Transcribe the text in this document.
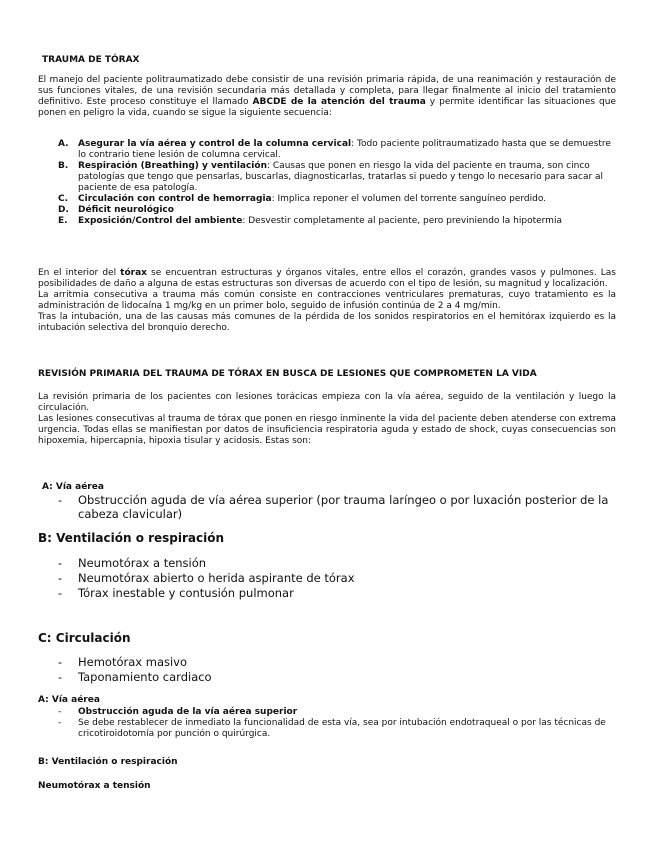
TRAUMA DE TÓRAX
El manejo del paciente politraumatizado debe consistir de una revisión primaria rápida, de una reanimación y restauración de sus funciones vitales, de una revisión secundaria más detallada y completa, para llegar finalmente al inicio del tratamiento definitivo. Este proceso constituye el llamado ABCDE de la atención del trauma y permite identificar las situaciones que ponen en peligro la vida, cuando se sigue la siguiente secuencia:
A. Asegurar la vía aérea y control de la columna cervical: Todo paciente politraumatizado hasta que se demuestre lo contrario tiene lesión de columna cervical.
B. Respiración (Breathing) y ventilación: Causas que ponen en riesgo la vida del paciente en trauma, son cinco patologías que tengo que pensarlas, buscarlas, diagnosticarlas, tratarlas si puedo y tengo lo necesario para sacar al paciente de esa patología.
C. Circulación con control de hemorragia: Implica reponer el volumen del torrente sanguíneo perdido.
D. Déficit neurológico
E. Exposición/Control del ambiente: Desvestir completamente al paciente, pero previniendo la hipotermia

En el interior del tórax se encuentran estructuras y órganos vitales, entre ellos el corazón, grandes vasos y pulmones. Las posibilidades de daño a alguna de estas estructuras son diversas de acuerdo con el tipo de lesión, su magnitud y localización.

La arritmia consecutiva a trauma más común consiste en contracciones ventriculares prematuras, cuyo tratamiento es la administración de lidocaína 1 mg/kg en un primer bolo, seguido de infusión continúa de 2 a 4 mg/min.

Tras la intubación, una de las causas más comunes de la pérdida de los sonidos respiratorios en el hemitórax izquierdo es la intubación selectiva del bronquio derecho.

REVISIÓN PRIMARIA DEL TRAUMA DE TÓRAX EN BUSCA DE LESIONES QUE COMPROMETEN LA VIDA

La revisión primaria de los pacientes con lesiones torácicas empieza con la vía aérea, seguido de la ventilación y luego la circulación.

Las lesiones consecutivas al trauma de tórax que ponen en riesgo inminente la vida del paciente deben atenderse con extrema urgencia. Todas ellas se manifiestan por datos de insuficiencia respiratoria aguda y estado de shock, cuyas consecuencias son hipoxemia, hipercapnia, hipoxia tisular y acidosis. Estas son:

A: Vía aérea
- Obstrucción aguda de vía aérea superior (por trauma laríngeo o por luxación posterior de la cabeza clavicular)
B: Ventilación o respiración
- Neumotórax a tensión
- Neumotórax abierto o herida aspirante de tórax
- Tórax inestable y contusión pulmonar
C: Circulación
- Hemotórax masivo
- Taponamiento cardiaco
A: Vía aérea
- Obstrucción aguda de la vía aérea superior
- Se debe restablecer de inmediato la funcionalidad de esta vía, sea por intubación endotraqueal o por las técnicas de cricotiroidotomía por punción o quirúrgica.
B: Ventilación o respiración
Neumotórax a tensión
